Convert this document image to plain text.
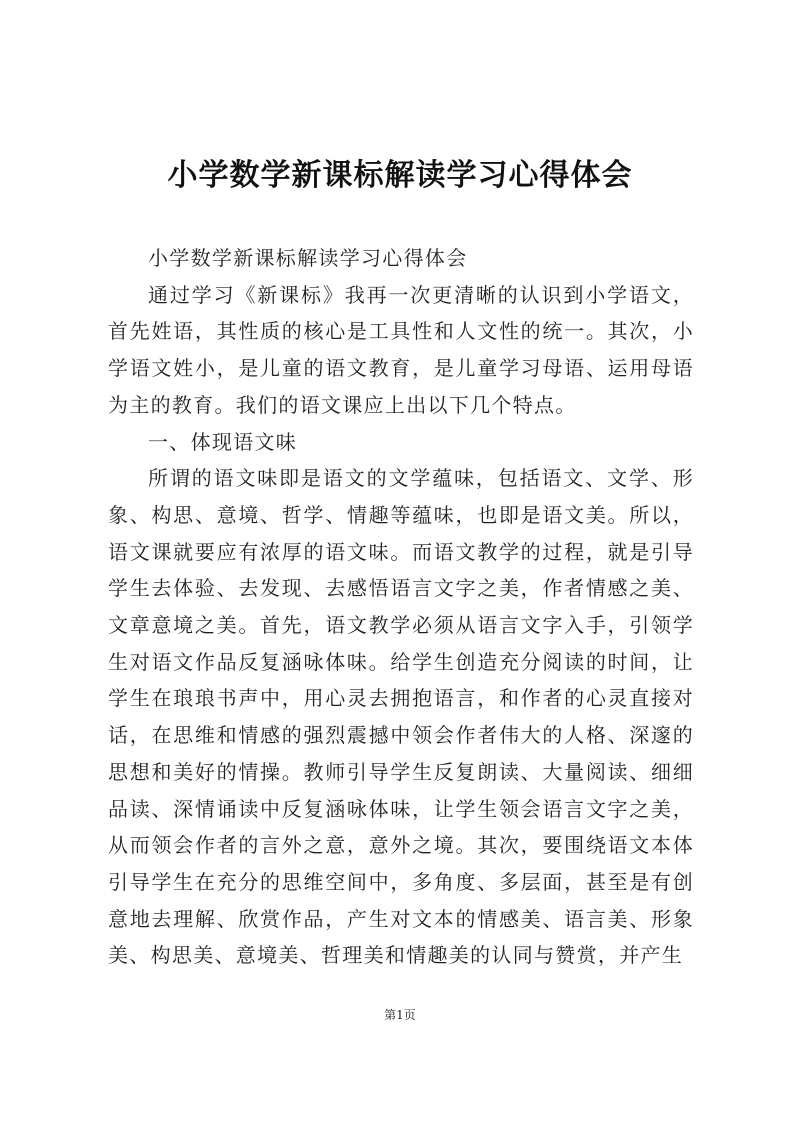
小学数学新课标解读学习心得体会

小学数学新课标解读学习心得体会

通过学习《新课标》我再一次更清晰的认识到小学语文，首先姓语，其性质的核心是工具性和人文性的统一。其次，小学语文姓小，是儿童的语文教育，是儿童学习母语、运用母语为主的教育。我们的语文课应上出以下几个特点。

一、体现语文味

所谓的语文味即是语文的文学蕴味，包括语文、文学、形象、构思、意境、哲学、情趣等蕴味，也即是语文美。所以，语文课就要应有浓厚的语文味。而语文教学的过程，就是引导学生去体验、去发现、去感悟语言文字之美，作者情感之美、文章意境之美。首先，语文教学必须从语言文字入手，引领学生对语文作品反复涵咏体味。给学生创造充分阅读的时间，让学生在琅琅书声中，用心灵去拥抱语言，和作者的心灵直接对话，在思维和情感的强烈震撼中领会作者伟大的人格、深邃的思想和美好的情操。教师引导学生反复朗读、大量阅读、细细品读、深情诵读中反复涵咏体味，让学生领会语言文字之美，从而领会作者的言外之意，意外之境。其次，要围绕语文本体引导学生在充分的思维空间中，多角度、多层面，甚至是有创意地去理解、欣赏作品，产生对文本的情感美、语言美、形象美、构思美、意境美、哲理美和情趣美的认同与赞赏，并产生

第1页
